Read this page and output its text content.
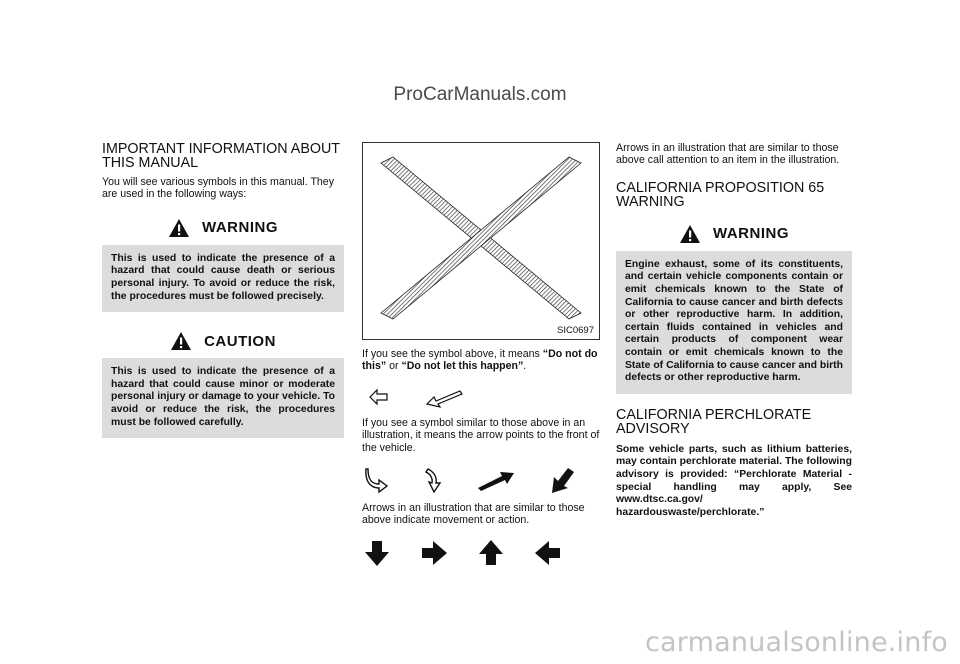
ProCarManuals.com
IMPORTANT INFORMATION ABOUT THIS MANUAL

You will see various symbols in this manual. They are used in the following ways:

WARNING

This is used to indicate the presence of a hazard that could cause death or serious personal injury. To avoid or reduce the risk, the procedures must be followed precisely.

CAUTION

This is used to indicate the presence of a hazard that could cause minor or moderate personal injury or damage to your vehicle. To avoid or reduce the risk, the procedures must be followed carefully.

SIC0697

If you see the symbol above, it means “Do not do this” or “Do not let this happen”.

If you see a symbol similar to those above in an illustration, it means the arrow points to the front of the vehicle.

Arrows in an illustration that are similar to those above indicate movement or action.

Arrows in an illustration that are similar to those above call attention to an item in the illustration.

CALIFORNIA PROPOSITION 65 WARNING
WARNING

Engine exhaust, some of its constituents, and certain vehicle components contain or emit chemicals known to the State of California to cause cancer and birth defects or other reproductive harm. In addition, certain fluids contained in vehicles and certain products of component wear contain or emit chemicals known to the State of California to cause cancer and birth defects or other reproductive harm.

CALIFORNIA PERCHLORATE ADVISORY

Some vehicle parts, such as lithium batteries, may contain perchlorate material. The following advisory is provided: “Perchlorate Material - special handling may apply, See www.dtsc.ca.gov/ hazardouswaste/perchlorate.”

carmanualsonline.info
